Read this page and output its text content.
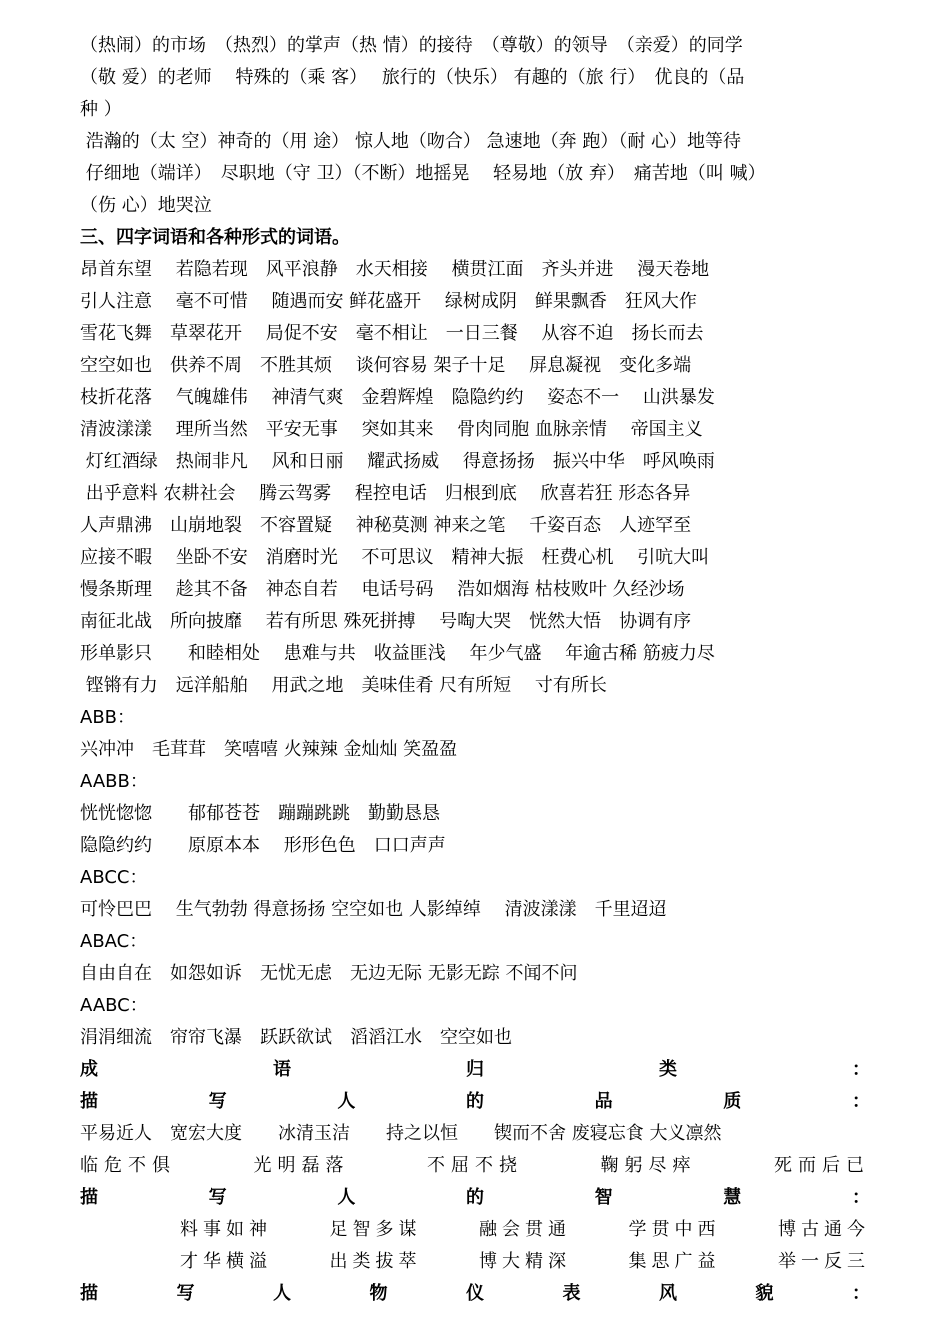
（热闹）的市场　（热烈）的掌声（热 情）的接待　（尊敬）的领导　（亲爱）的同学
（敬 爱）的老师　 特殊的（乘 客）　 旅行的（快乐） 有趣的（旅 行）　优良的（品
种 ）
浩瀚的（太 空）神奇的（用 途） 惊人地（吻合） 急速地（奔 跑）（耐 心）地等待
仔细地（端详）　尽职地（守 卫）（不断）地摇晃　 轻易地（放 弃）　痛苦地（叫 喊）
（伤 心）地哭泣
三、四字词语和各种形式的词语。
昂首东望　 若隐若现　风平浪静　水天相接　 横贯江面　齐头并进　 漫天卷地
引人注意　 毫不可惜　 随遇而安 鲜花盛开　 绿树成阴　鲜果飘香　狂风大作
雪花飞舞　草翠花开　 局促不安　毫不相让　一日三餐　 从容不迫　扬长而去
空空如也　供养不周　不胜其烦　 谈何容易 架子十足　 屏息凝视　变化多端
枝折花落　 气魄雄伟　 神清气爽　金碧辉煌　隐隐约约　 姿态不一　 山洪暴发
清波漾漾　 理所当然　平安无事　 突如其来　 骨肉同胞 血脉亲情　 帝国主义
灯红酒绿　热闹非凡　 风和日丽　 耀武扬威　 得意扬扬　振兴中华　呼风唤雨
出乎意料 农耕社会　 腾云驾雾　 程控电话　归根到底　 欣喜若狂 形态各异
人声鼎沸　山崩地裂　不容置疑　 神秘莫测 神来之笔　 千姿百态　人迹罕至
应接不暇　 坐卧不安　消磨时光　 不可思议　精神大振　枉费心机　 引吭大叫
慢条斯理　 趁其不备　神态自若　 电话号码　 浩如烟海 枯枝败叶 久经沙场
南征北战　所向披靡　 若有所思 殊死拼搏　 号啕大哭　恍然大悟　协调有序
形单影只　　和睦相处　 患难与共　收益匪浅　 年少气盛　 年逾古稀 筋疲力尽
铿锵有力　远洋船舶　 用武之地　美味佳肴 尺有所短　 寸有所长
ABB：
兴冲冲　毛茸茸　笑嘻嘻 火辣辣 金灿灿 笑盈盈
AABB：
恍恍惚惚　　郁郁苍苍　蹦蹦跳跳　勤勤恳恳
隐隐约约　　原原本本　 形形色色　口口声声
ABCC：
可怜巴巴　 生气勃勃 得意扬扬 空空如也 人影绰绰　 清波漾漾　千里迢迢
ABAC：
自由自在　如怨如诉　无忧无虑　无边无际 无影无踪 不闻不问
AABC：
涓涓细流　帘帘飞瀑　跃跃欲试　滔滔江水　空空如也
成	语	归	类	：
描	写	人	的	品	质	：
平易近人　宽宏大度　　冰清玉洁　　持之以恒　　锲而不舍 废寝忘食 大义凛然
临危不俱	光明磊落	不屈不挠	鞠躬尽瘁	死而后已
描	写	人	的	智	慧	：
料事如神	足智多谋	融会贯通	学贯中西	博古通今
才华横溢	出类拔萃	博大精深	集思广益	举一反三
描	写	人	物	仪	表	风	貌	：
